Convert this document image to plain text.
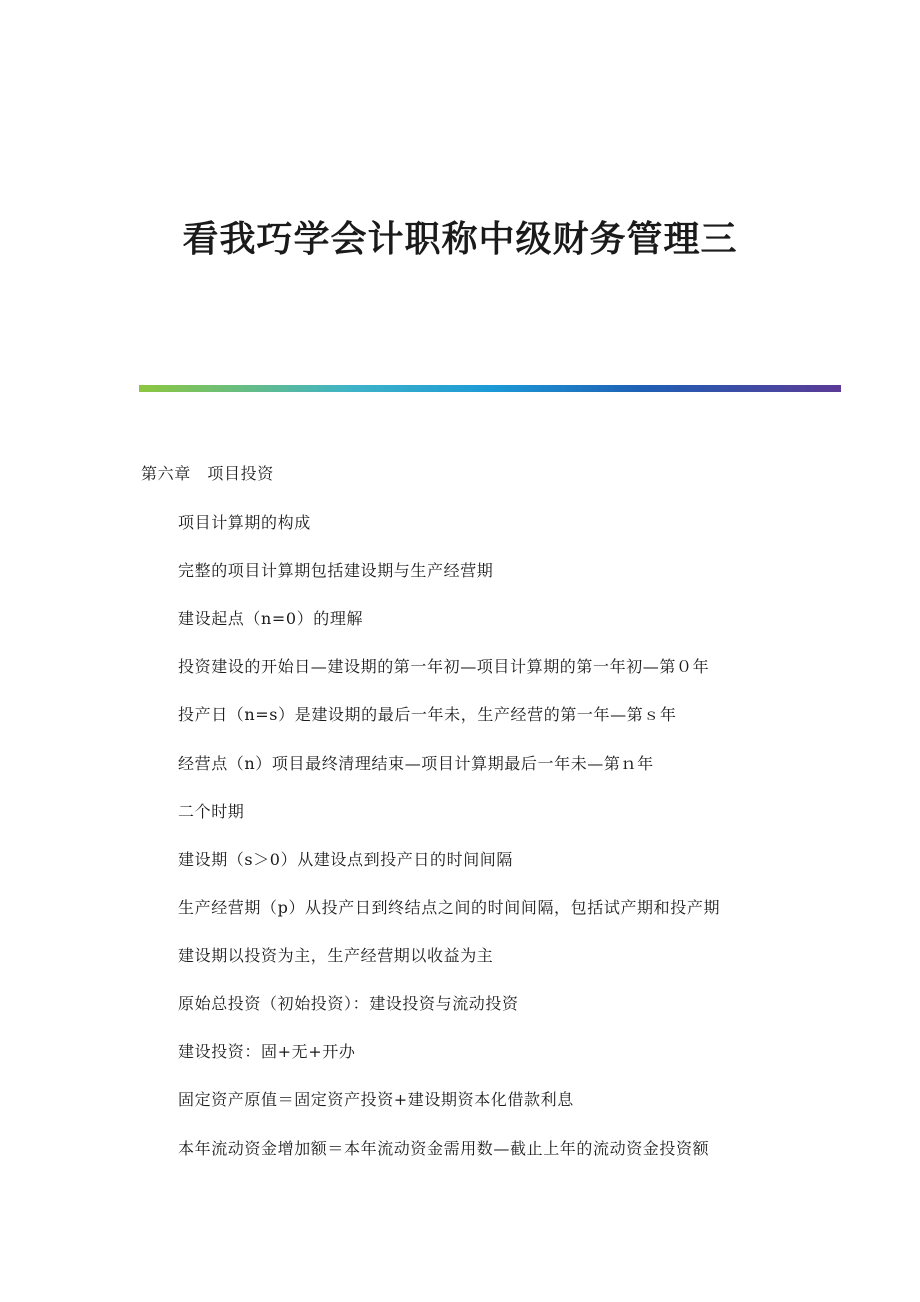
看我巧学会计职称中级财务管理三
第六章　项目投资
项目计算期的构成
完整的项目计算期包括建设期与生产经营期
建设起点（n=0）的理解
投资建设的开始日—建设期的第一年初—项目计算期的第一年初—第０年
投产日（n=s）是建设期的最后一年未，生产经营的第一年—第ｓ年
经营点（n）项目最终清理结束—项目计算期最后一年未—第ｎ年
二个时期
建设期（s＞0）从建设点到投产日的时间间隔
生产经营期（p）从投产日到终结点之间的时间间隔，包括试产期和投产期
建设期以投资为主，生产经营期以收益为主
原始总投资（初始投资）：建设投资与流动投资
建设投资：固+无+开办
固定资产原值＝固定资产投资+建设期资本化借款利息
本年流动资金增加额＝本年流动资金需用数—截止上年的流动资金投资额
